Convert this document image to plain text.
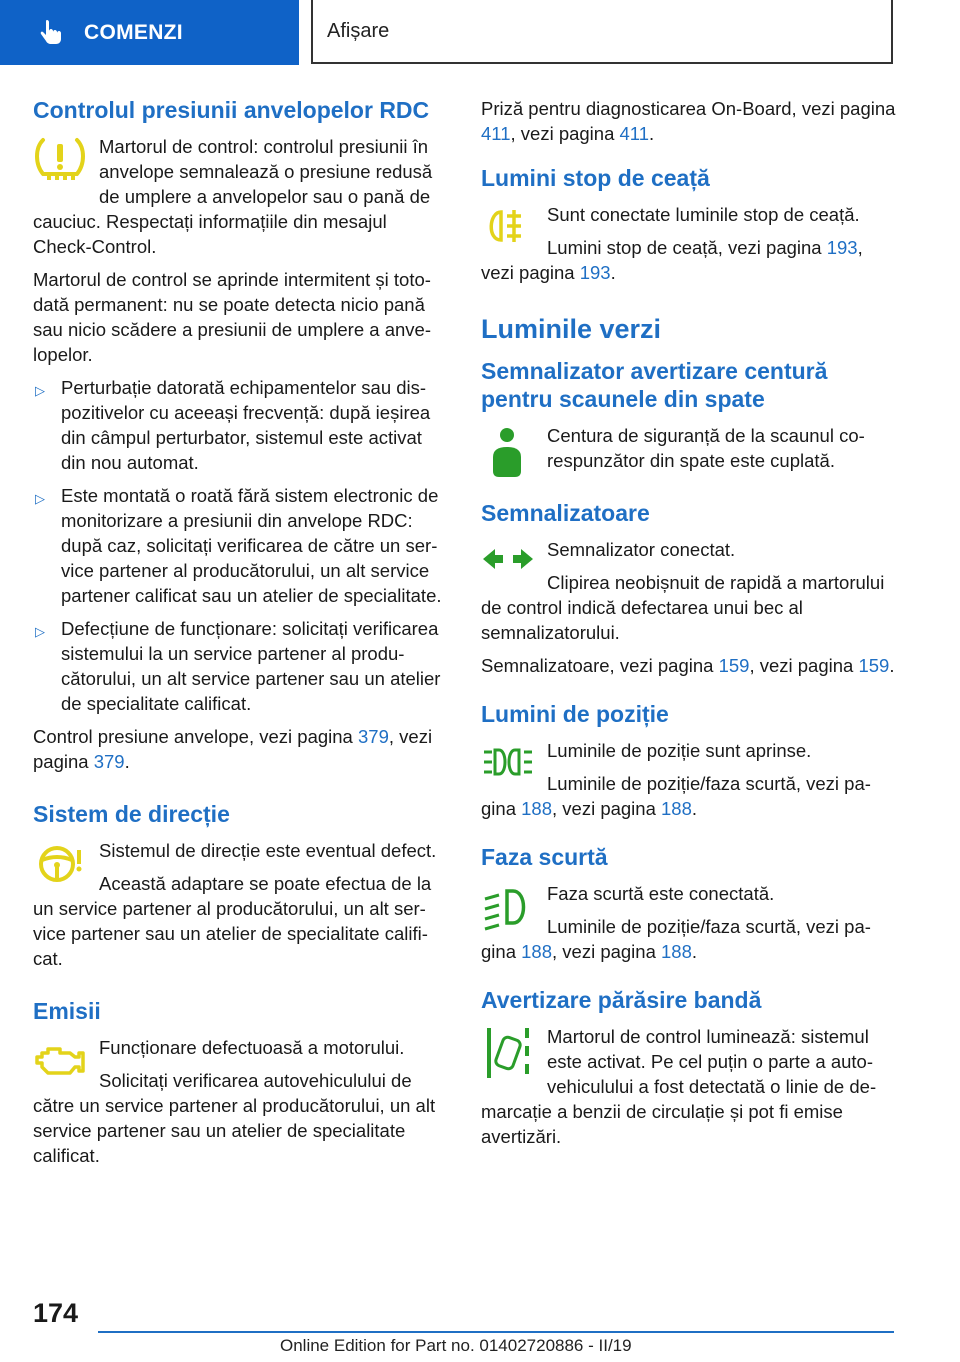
COMENZI	Afișare
Controlul presiunii anvelopelor RDC

Martorul de control: controlul presiunii în anvelope semnalează o presiune redusă de umplere a anvelopelor sau o pană de cauciuc. Respectați informațiile din mesajul Check-Control.

Martorul de control se aprinde intermitent și totodată permanent: nu se poate detecta nicio pană sau nicio scădere a presiunii de umplere a anvelopelor.

▷ Perturbație datorată echipamentelor sau dispozitivelor cu aceeași frecvență: după ieșirea din câmpul perturbator, sistemul este activat din nou automat.
▷ Este montată o roată fără sistem electronic de monitorizare a presiunii din anvelope RDC: după caz, solicitați verificarea de către un service partener al producătorului, un alt service partener calificat sau un atelier de specialitate.
▷ Defecțiune de funcționare: solicitați verificarea sistemului la un service partener al producătorului, un alt service partener sau un atelier de specialitate calificat.

Control presiune anvelope, vezi pagina 379, vezi pagina 379.

Sistem de direcție

Sistemul de direcție este eventual defect.

Această adaptare se poate efectua de la un service partener al producătorului, un alt service partener sau un atelier de specialitate calificat.

Emisii

Funcționare defectuoasă a motorului.

Solicitați verificarea autovehiculului de către un service partener al producătorului, un alt service partener sau un atelier de specialitate calificat.

Priză pentru diagnosticarea On-Board, vezi pagina 411, vezi pagina 411.

Lumini stop de ceață

Sunt conectate luminile stop de ceață.

Lumini stop de ceață, vezi pagina 193, vezi pagina 193.

Luminile verzi
Semnalizator avertizare centură pentru scaunele din spate

Centura de siguranță de la scaunul corespunzător din spate este cuplată.

Semnalizatoare

Semnalizator conectat.

Clipirea neobișnuit de rapidă a martorului de control indică defectarea unui bec al semnalizatorului.

Semnalizatoare, vezi pagina 159, vezi pagina 159.

Lumini de poziție

Luminile de poziție sunt aprinse.

Luminile de poziție/faza scurtă, vezi pagina 188, vezi pagina 188.

Faza scurtă

Faza scurtă este conectată.

Luminile de poziție/faza scurtă, vezi pagina 188, vezi pagina 188.

Avertizare părăsire bandă

Martorul de control luminează: sistemul este activat. Pe cel puțin o parte a autovehiculului a fost detectată o linie de demarcație a benzii de circulație și pot fi emise avertizări.

174
Online Edition for Part no. 01402720886 - II/19
